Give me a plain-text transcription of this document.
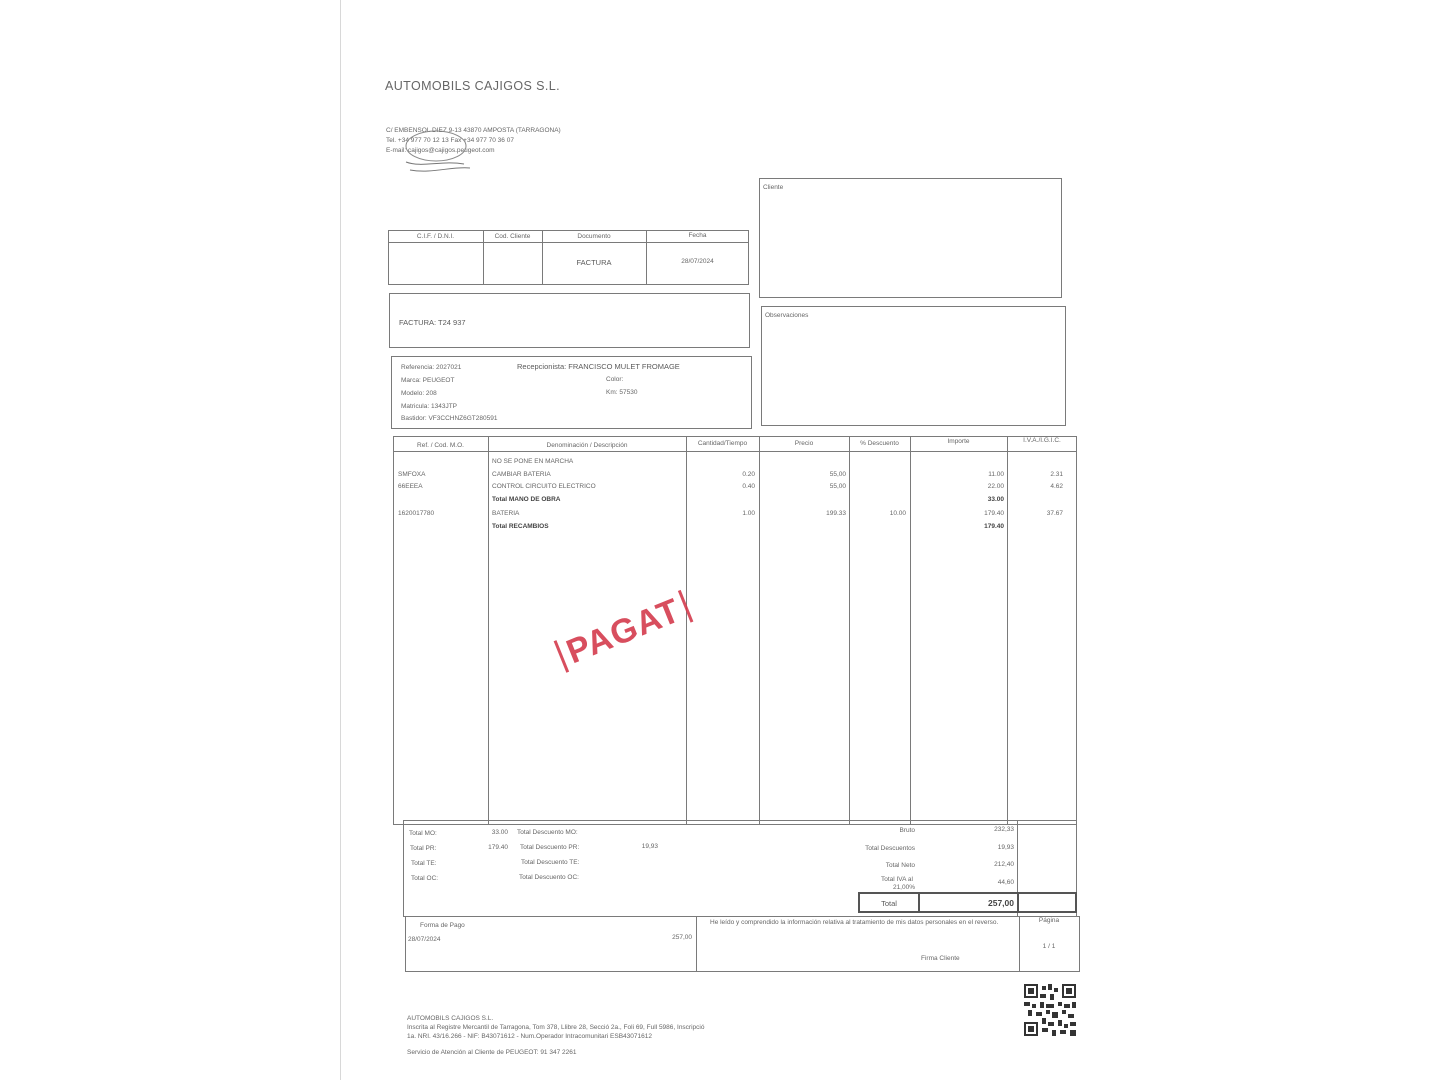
AUTOMOBILS CAJIGOS S.L.
C/ EMBENSOL DIEZ 9-13 43870 AMPOSTA (TARRAGONA)
Tel. +34 977 70 12 13 Fax +34 977 70 36 07
E-mail: cajigos@cajigos.peugeot.com
C.I.F. / D.N.I.	Cod. Cliente	Documento	Fecha
FACTURA	28/07/2024
Cliente
FACTURA: T24 937
Observaciones
Referencia: 2027021
Marca: PEUGEOT
Modelo: 208
Matricula: 1343JTP
Bastidor: VF3CCHNZ6GT280591
Recepcionista: FRANCISCO MULET FROMAGE
Color:
Km: 57530
Ref. / Cod. M.O.	Denominación / Descripción	Cantidad/Tiempo	Precio	% Descuento	Importe	I.V.A./I.G.I.C.
NO SE PONE EN MARCHA
SMFOXA	CAMBIAR BATERIA	0.20	55,00	11.00	2.31
66EEEA	CONTROL CIRCUITO ELECTRICO	0.40	55,00	22.00	4.62
Total MANO DE OBRA	33.00
1620017780	BATERIA	1.00	199.33	10.00	179.40	37.67
Total RECAMBIOS	179.40
PAGAT
Total MO:	33.00 Total Descuento MO:
Total PR:	179.40 Total Descuento PR:	19,93
Total TE:	Total Descuento TE:
Total OC:	Total Descuento OC:
Bruto	232,33
Total Descuentos	19,93
Total Neto	212,40
Total IVA al
21,00%
44,60
Total	257,00
Forma de Pago
28/07/2024	257,00
He leído y comprendido la información relativa al tratamiento de mis datos personales en el reverso.
Firma Cliente
Página
1 / 1
AUTOMOBILS CAJIGOS S.L.
Inscrita al Registre Mercantil de Tarragona, Tom 378, Llibre 28, Secció 2a., Foli 69, Full 5986, Inscripció
1a. NRI. 43/16.266 - NIF: B43071612 - Num.Operador Intracomunitari ESB43071612
Servicio de Atención al Cliente de PEUGEOT: 91 347 2261
